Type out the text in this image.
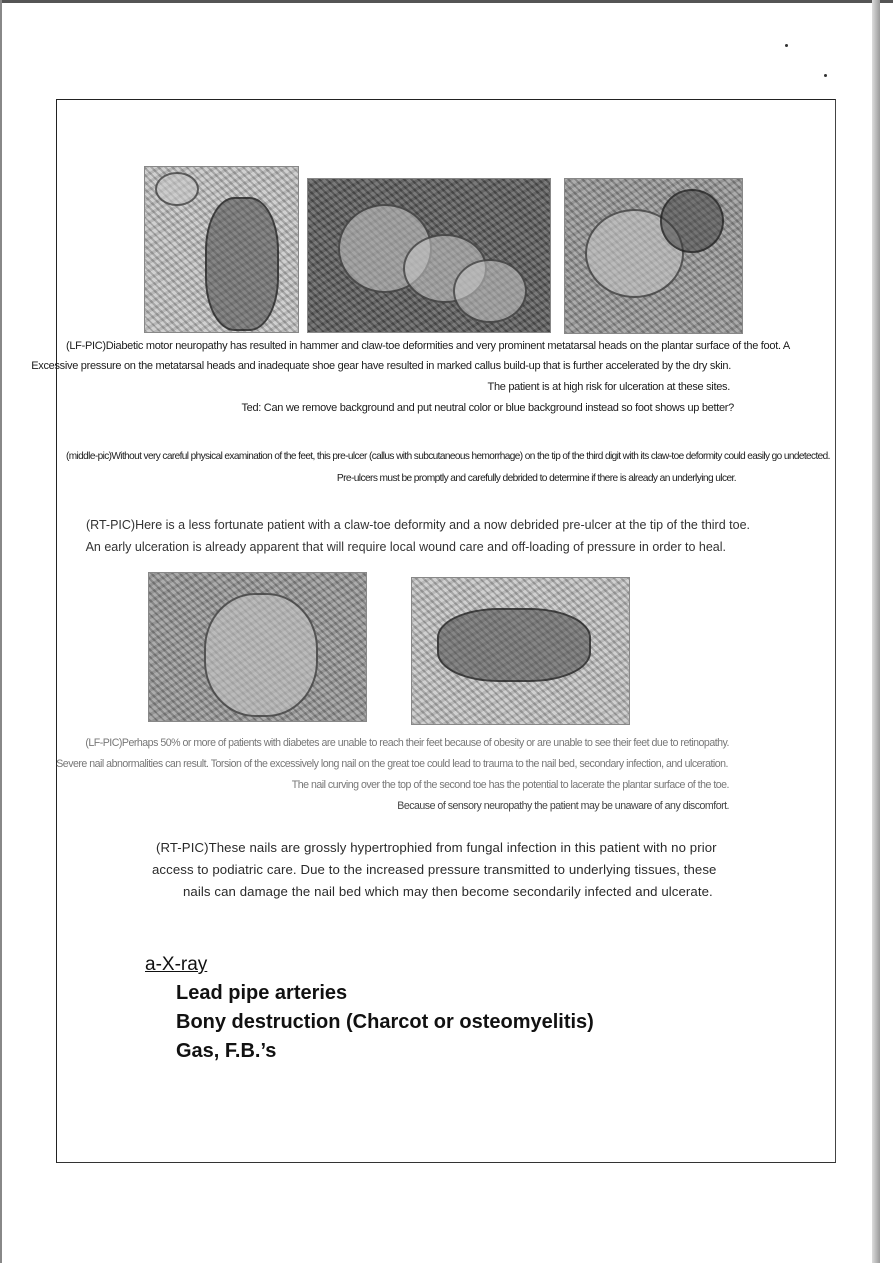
(LF-PIC)Diabetic motor neuropathy has resulted in hammer and claw-toe deformities and very prominent metatarsal heads on the plantar surface of the foot. A
Excessive pressure on the metatarsal heads and inadequate shoe gear have resulted in marked callus build-up that is further accelerated by the dry skin.
The patient is at high risk for ulceration at these sites.
Ted: Can we remove background and put neutral color or blue background instead so foot shows up better?
(middle-pic)Without very careful physical examination of the feet, this pre-ulcer (callus with subcutaneous hemorrhage) on the tip of the third digit with its claw-toe deformity could easily go undetected.
Pre-ulcers must be promptly and carefully debrided to determine if there is already an underlying ulcer.
(RT-PIC)Here is a less fortunate patient with a claw-toe deformity and a now debrided pre-ulcer at the tip of the third toe.
An early ulceration is already apparent that will require local wound care and off-loading of pressure in order to heal.
(LF-PIC)Perhaps 50% or more of patients with diabetes are unable to reach their feet because of obesity or are unable to see their feet due to retinopathy.
Severe nail abnormalities can result. Torsion of the excessively long nail on the great toe could lead to trauma to the nail bed, secondary infection, and ulceration.
The nail curving over the top of the second toe has the potential to lacerate the plantar surface of the toe.
Because of sensory neuropathy the patient may be unaware of any discomfort.
(RT-PIC)These nails are grossly hypertrophied from fungal infection in this patient with no prior
access to podiatric care. Due to the increased pressure transmitted to underlying tissues, these
nails can damage the nail bed which may then become secondarily infected and ulcerate.
a-X-ray
Lead pipe arteries
Bony destruction (Charcot or osteomyelitis)
Gas, F.B.’s
